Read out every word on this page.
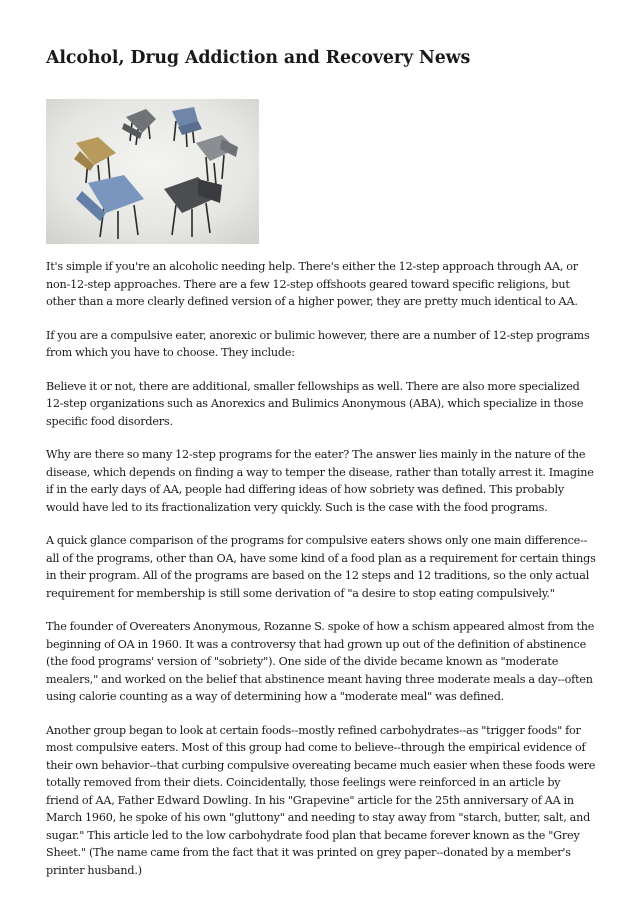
Alcohol, Drug Addiction and Recovery News

It's simple if you're an alcoholic needing help. There's either the 12-step approach through AA, or non-12-step approaches. There are a few 12-step offshoots geared toward specific religions, but other than a more clearly defined version of a higher power, they are pretty much identical to AA.

If you are a compulsive eater, anorexic or bulimic however, there are a number of 12-step programs from which you have to choose. They include:

Believe it or not, there are additional, smaller fellowships as well. There are also more specialized 12-step organizations such as Anorexics and Bulimics Anonymous (ABA), which specialize in those specific food disorders.

Why are there so many 12-step programs for the eater? The answer lies mainly in the nature of the disease, which depends on finding a way to temper the disease, rather than totally arrest it. Imagine if in the early days of AA, people had differing ideas of how sobriety was defined. This probably would have led to its fractionalization very quickly. Such is the case with the food programs.

A quick glance comparison of the programs for compulsive eaters shows only one main difference--all of the programs, other than OA, have some kind of a food plan as a requirement for certain things in their program. All of the programs are based on the 12 steps and 12 traditions, so the only actual requirement for membership is still some derivation of "a desire to stop eating compulsively."

The founder of Overeaters Anonymous, Rozanne S. spoke of how a schism appeared almost from the beginning of OA in 1960. It was a controversy that had grown up out of the definition of abstinence (the food programs' version of "sobriety"). One side of the divide became known as "moderate mealers," and worked on the belief that abstinence meant having three moderate meals a day--often using calorie counting as a way of determining how a "moderate meal" was defined.

Another group began to look at certain foods--mostly refined carbohydrates--as "trigger foods" for most compulsive eaters. Most of this group had come to believe--through the empirical evidence of their own behavior--that curbing compulsive overeating became much easier when these foods were totally removed from their diets. Coincidentally, those feelings were reinforced in an article by friend of AA, Father Edward Dowling. In his "Grapevine" article for the 25th anniversary of AA in March 1960, he spoke of his own "gluttony" and needing to stay away from "starch, butter, salt, and sugar." This article led to the low carbohydrate food plan that became forever known as the "Grey Sheet." (The name came from the fact that it was printed on grey paper--donated by a member's printer husband.)
